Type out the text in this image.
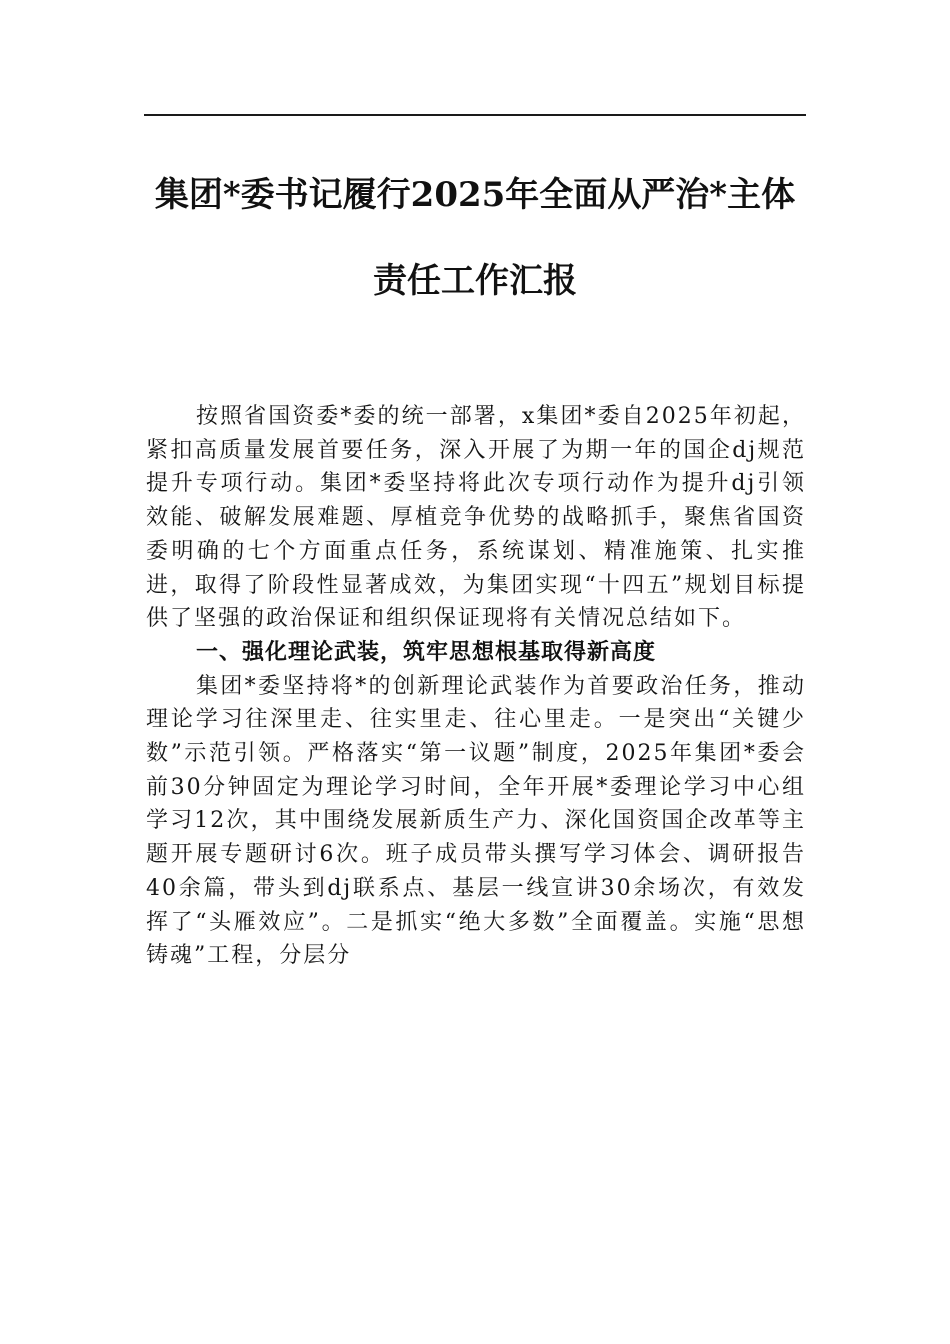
集团*委书记履行2025年全面从严治*主体
责任工作汇报

按照省国资委*委的统一部署，x集团*委自2025年初起，紧扣高质量发展首要任务，深入开展了为期一年的国企dj规范提升专项行动。集团*委坚持将此次专项行动作为提升dj引领效能、破解发展难题、厚植竞争优势的战略抓手，聚焦省国资委明确的七个方面重点任务，系统谋划、精准施策、扎实推进，取得了阶段性显著成效，为集团实现“十四五”规划目标提供了坚强的政治保证和组织保证现将有关情况总结如下。

一、强化理论武装，筑牢思想根基取得新高度

集团*委坚持将*的创新理论武装作为首要政治任务，推动理论学习往深里走、往实里走、往心里走。一是突出“关键少数”示范引领。严格落实“第一议题”制度，2025年集团*委会前30分钟固定为理论学习时间，全年开展*委理论学习中心组学习12次，其中围绕发展新质生产力、深化国资国企改革等主题开展专题研讨6次。班子成员带头撰写学习体会、调研报告40余篇，带头到dj联系点、基层一线宣讲30余场次，有效发挥了“头雁效应”。二是抓实“绝大多数”全面覆盖。实施“思想铸魂”工程，分层分
